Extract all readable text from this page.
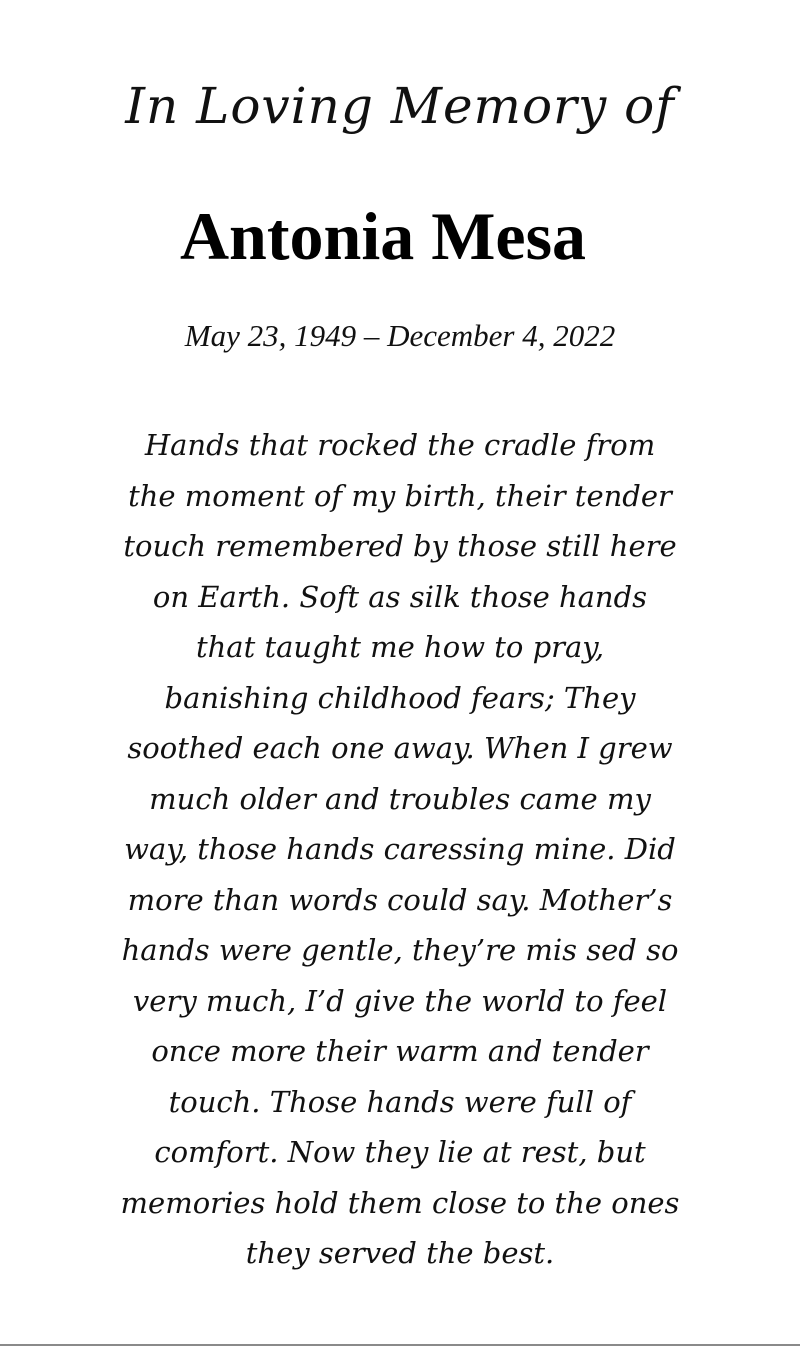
In Loving Memory of
Antonia Mesa
May 23, 1949 – December 4, 2022
Hands that rocked the cradle from
the moment of my birth, their tender
touch remembered by those still here
on Earth. Soft as silk those hands
that taught me how to pray,
banishing childhood fears; They
soothed each one away. When I grew
much older and troubles came my
way, those hands caressing mine. Did
more than words could say. Mother’s
hands were gentle, they’re mis sed so
very much, I’d give the world to feel
once more their warm and tender
touch. Those hands were full of
comfort. Now they lie at rest, but
memories hold them close to the ones
they served the best.
